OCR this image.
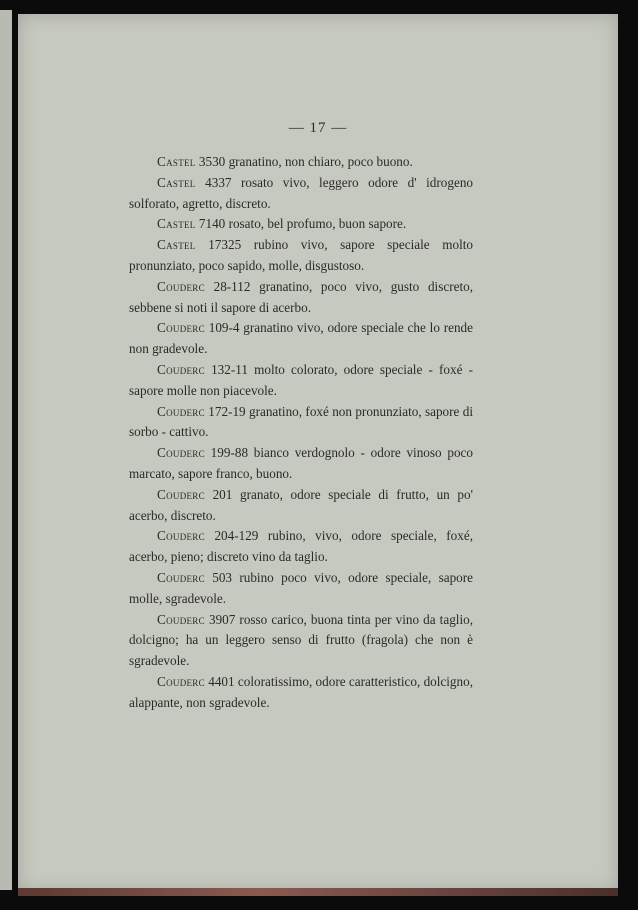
— 17 —

Castel 3530 granatino, non chiaro, poco buono.

Castel 4337 rosato vivo, leggero odore d' idrogeno solforato, agretto, discreto.

Castel 7140 rosato, bel profumo, buon sapore.

Castel 17325 rubino vivo, sapore speciale molto pronunziato, poco sapido, molle, disgustoso.

Couderc 28-112 granatino, poco vivo, gusto discreto, sebbene si noti il sapore di acerbo.

Couderc 109-4 granatino vivo, odore speciale che lo rende non gradevole.

Couderc 132-11 molto colorato, odore speciale - foxé - sapore molle non piacevole.

Couderc 172-19 granatino, foxé non pronunziato, sapore di sorbo - cattivo.

Couderc 199-88 bianco verdognolo - odore vinoso poco marcato, sapore franco, buono.

Couderc 201 granato, odore speciale di frutto, un po' acerbo, discreto.

Couderc 204-129 rubino, vivo, odore speciale, foxé, acerbo, pieno; discreto vino da taglio.

Couderc 503 rubino poco vivo, odore speciale, sapore molle, sgradevole.

Couderc 3907 rosso carico, buona tinta per vino da taglio, dolcigno; ha un leggero senso di frutto (fragola) che non è sgradevole.

Couderc 4401 coloratissimo, odore caratteristico, dolcigno, alappante, non sgradevole.
